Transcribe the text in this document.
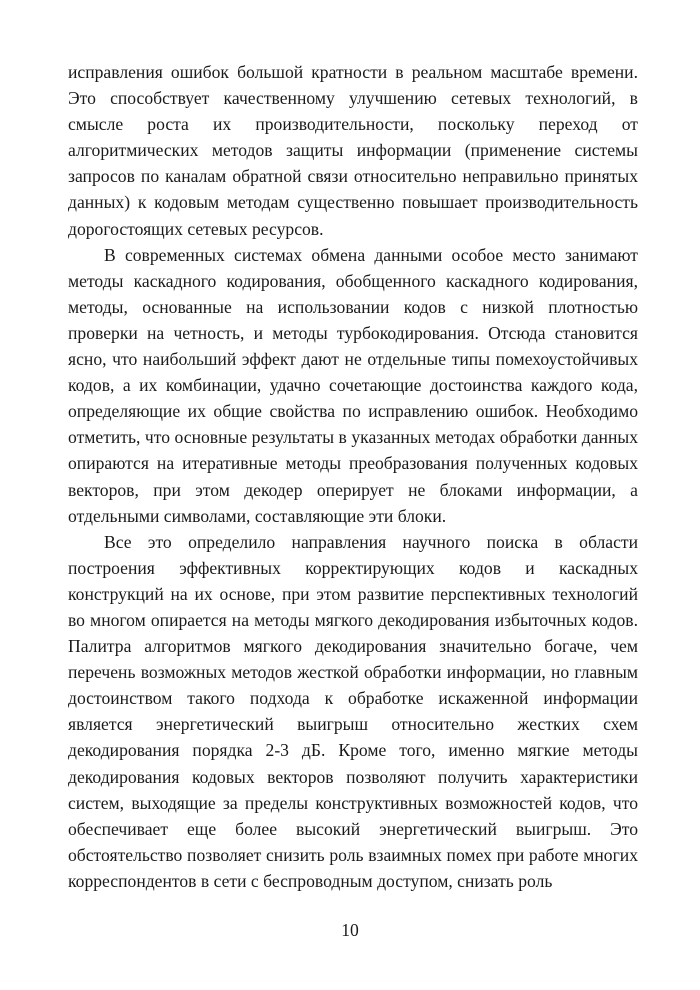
исправления ошибок большой кратности в реальном масштабе времени. Это способствует качественному улучшению сетевых технологий, в смысле роста их производительности, поскольку переход от алгоритмических методов защиты информации (применение системы запросов по каналам обратной связи относительно неправильно принятых данных) к кодовым методам существенно повышает производительность дорогостоящих сетевых ресурсов.

В современных системах обмена данными особое место занимают методы каскадного кодирования, обобщенного каскадного кодирования, методы, основанные на использовании кодов с низкой плотностью проверки на четность, и методы турбокодирования. Отсюда становится ясно, что наибольший эффект дают не отдельные типы помехоустойчивых кодов, а их комбинации, удачно сочетающие достоинства каждого кода, определяющие их общие свойства по исправлению ошибок. Необходимо отметить, что основные результаты в указанных методах обработки данных опираются на итеративные методы преобразования полученных кодовых векторов, при этом декодер оперирует не блоками информации, а отдельными символами, составляющие эти блоки.

Все это определило направления научного поиска в области построения эффективных корректирующих кодов и каскадных конструкций на их основе, при этом развитие перспективных технологий во многом опирается на методы мягкого декодирования избыточных кодов. Палитра алгоритмов мягкого декодирования значительно богаче, чем перечень возможных методов жесткой обработки информации, но главным достоинством такого подхода к обработке искаженной информации является энергетический выигрыш относительно жестких схем декодирования порядка 2-3 дБ. Кроме того, именно мягкие методы декодирования кодовых векторов позволяют получить характеристики систем, выходящие за пределы конструктивных возможностей кодов, что обеспечивает еще более высокий энергетический выигрыш. Это обстоятельство позволяет снизить роль взаимных помех при работе многих корреспондентов в сети с беспроводным доступом, снизать роль

10
